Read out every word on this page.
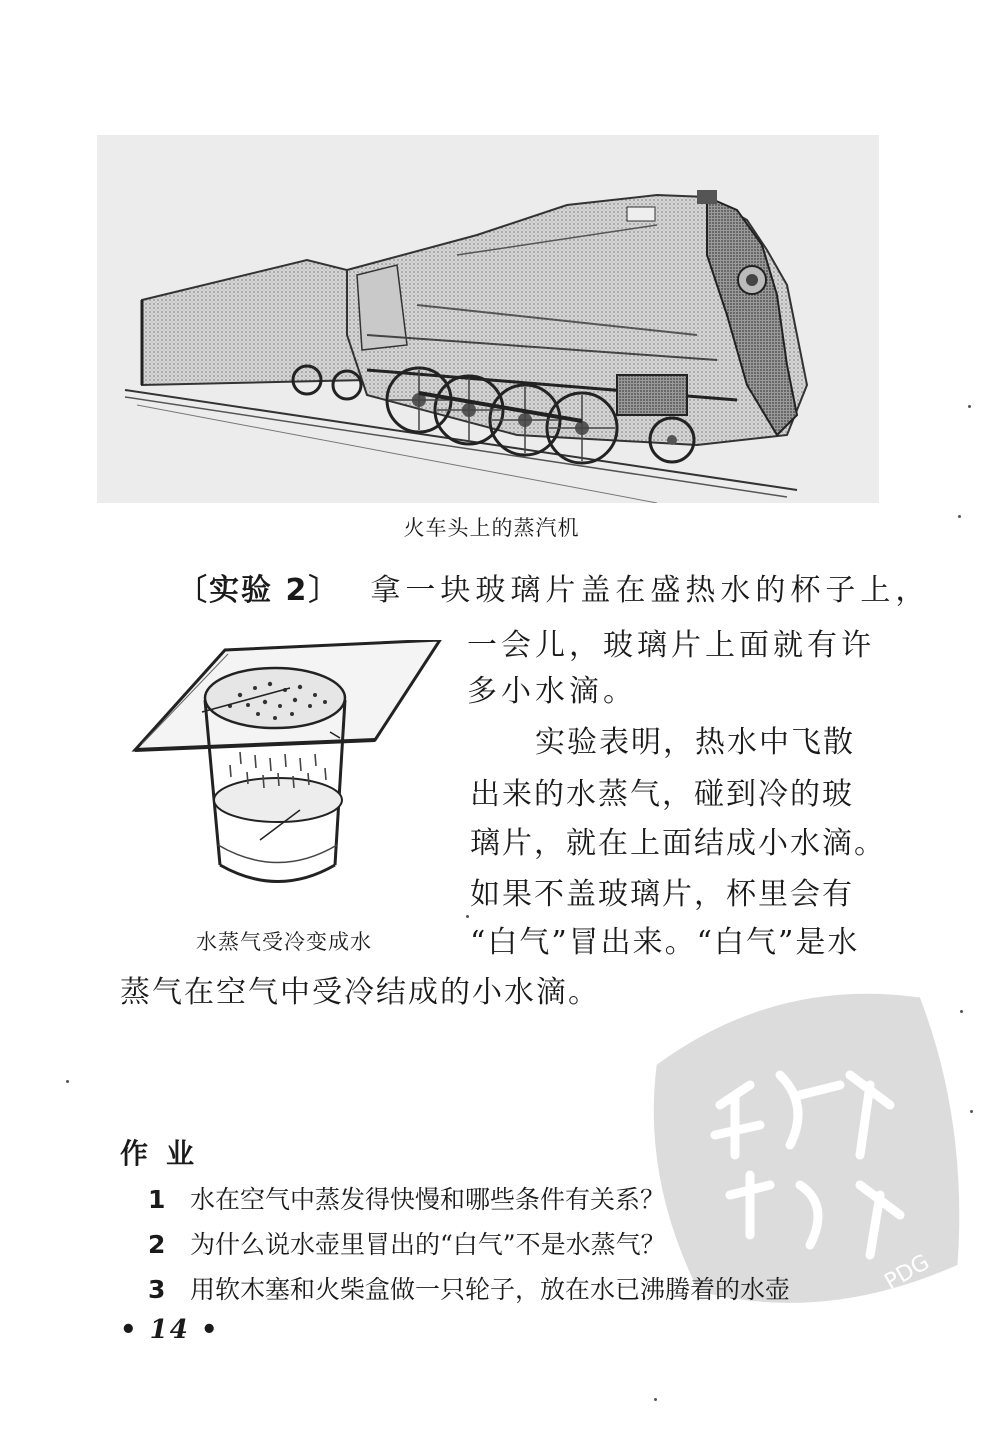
火车头上的蒸汽机
〔实验 2〕 拿一块玻璃片盖在盛热水的杯子上，
一会儿，玻璃片上面就有许
多小水滴。
实验表明，热水中飞散
出来的水蒸气，碰到冷的玻
璃片，就在上面结成小水滴。
如果不盖玻璃片，杯里会有
水蒸气受冷变成水	“白气”冒出来。“白气”是水
蒸气在空气中受冷结成的小水滴。
PDG
作业
1 水在空气中蒸发得快慢和哪些条件有关系？
2 为什么说水壶里冒出的“白气”不是水蒸气？
3 用软木塞和火柴盒做一只轮子，放在水已沸腾着的水壶
• 14 •
